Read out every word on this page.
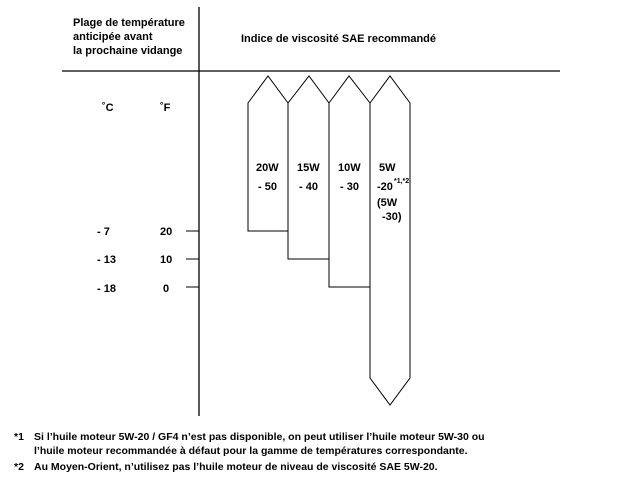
Plage de température
anticipée avant
la prochaine vidange
Indice de viscosité SAE recommandé
˚C	˚F
- 7	20
- 13	10
- 18	0
20W
- 50
15W
- 40
10W
- 30
5W
-20 *1,*2
(5W
-30)
*1 Si l’huile moteur 5W-20 / GF4 n’est pas disponible, on peut utiliser l’huile moteur 5W-30 ou
l’huile moteur recommandée à défaut pour la gamme de températures correspondante.
*2 Au Moyen-Orient, n’utilisez pas l’huile moteur de niveau de viscosité SAE 5W-20.
